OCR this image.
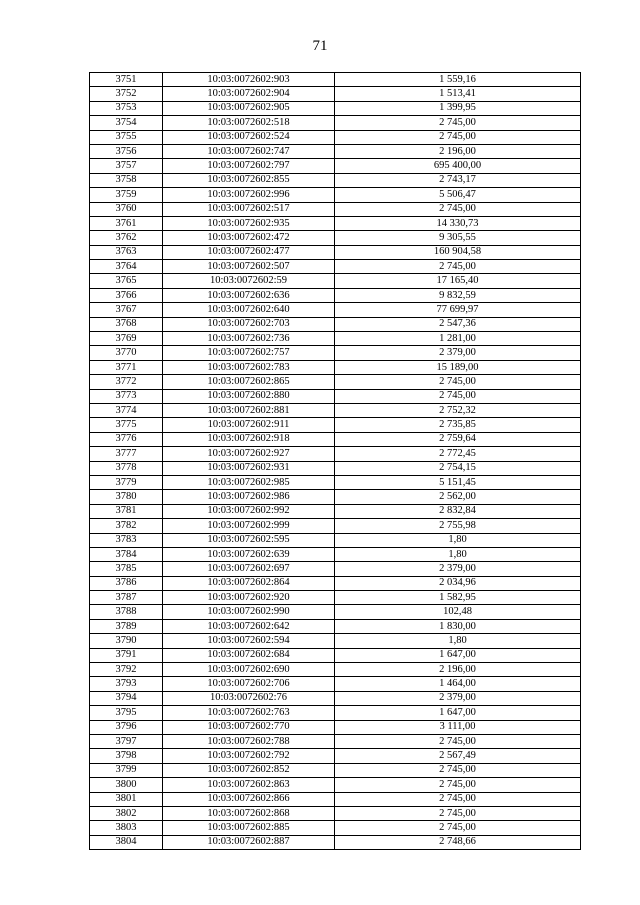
71
3751	10:03:0072602:903	1 559,16
3752	10:03:0072602:904	1 513,41
3753	10:03:0072602:905	1 399,95
3754	10:03:0072602:518	2 745,00
3755	10:03:0072602:524	2 745,00
3756	10:03:0072602:747	2 196,00
3757	10:03:0072602:797	695 400,00
3758	10:03:0072602:855	2 743,17
3759	10:03:0072602:996	5 506,47
3760	10:03:0072602:517	2 745,00
3761	10:03:0072602:935	14 330,73
3762	10:03:0072602:472	9 305,55
3763	10:03:0072602:477	160 904,58
3764	10:03:0072602:507	2 745,00
3765	10:03:0072602:59	17 165,40
3766	10:03:0072602:636	9 832,59
3767	10:03:0072602:640	77 699,97
3768	10:03:0072602:703	2 547,36
3769	10:03:0072602:736	1 281,00
3770	10:03:0072602:757	2 379,00
3771	10:03:0072602:783	15 189,00
3772	10:03:0072602:865	2 745,00
3773	10:03:0072602:880	2 745,00
3774	10:03:0072602:881	2 752,32
3775	10:03:0072602:911	2 735,85
3776	10:03:0072602:918	2 759,64
3777	10:03:0072602:927	2 772,45
3778	10:03:0072602:931	2 754,15
3779	10:03:0072602:985	5 151,45
3780	10:03:0072602:986	2 562,00
3781	10:03:0072602:992	2 832,84
3782	10:03:0072602:999	2 755,98
3783	10:03:0072602:595	1,80
3784	10:03:0072602:639	1,80
3785	10:03:0072602:697	2 379,00
3786	10:03:0072602:864	2 034,96
3787	10:03:0072602:920	1 582,95
3788	10:03:0072602:990	102,48
3789	10:03:0072602:642	1 830,00
3790	10:03:0072602:594	1,80
3791	10:03:0072602:684	1 647,00
3792	10:03:0072602:690	2 196,00
3793	10:03:0072602:706	1 464,00
3794	10:03:0072602:76	2 379,00
3795	10:03:0072602:763	1 647,00
3796	10:03:0072602:770	3 111,00
3797	10:03:0072602:788	2 745,00
3798	10:03:0072602:792	2 567,49
3799	10:03:0072602:852	2 745,00
3800	10:03:0072602:863	2 745,00
3801	10:03:0072602:866	2 745,00
3802	10:03:0072602:868	2 745,00
3803	10:03:0072602:885	2 745,00
3804	10:03:0072602:887	2 748,66
